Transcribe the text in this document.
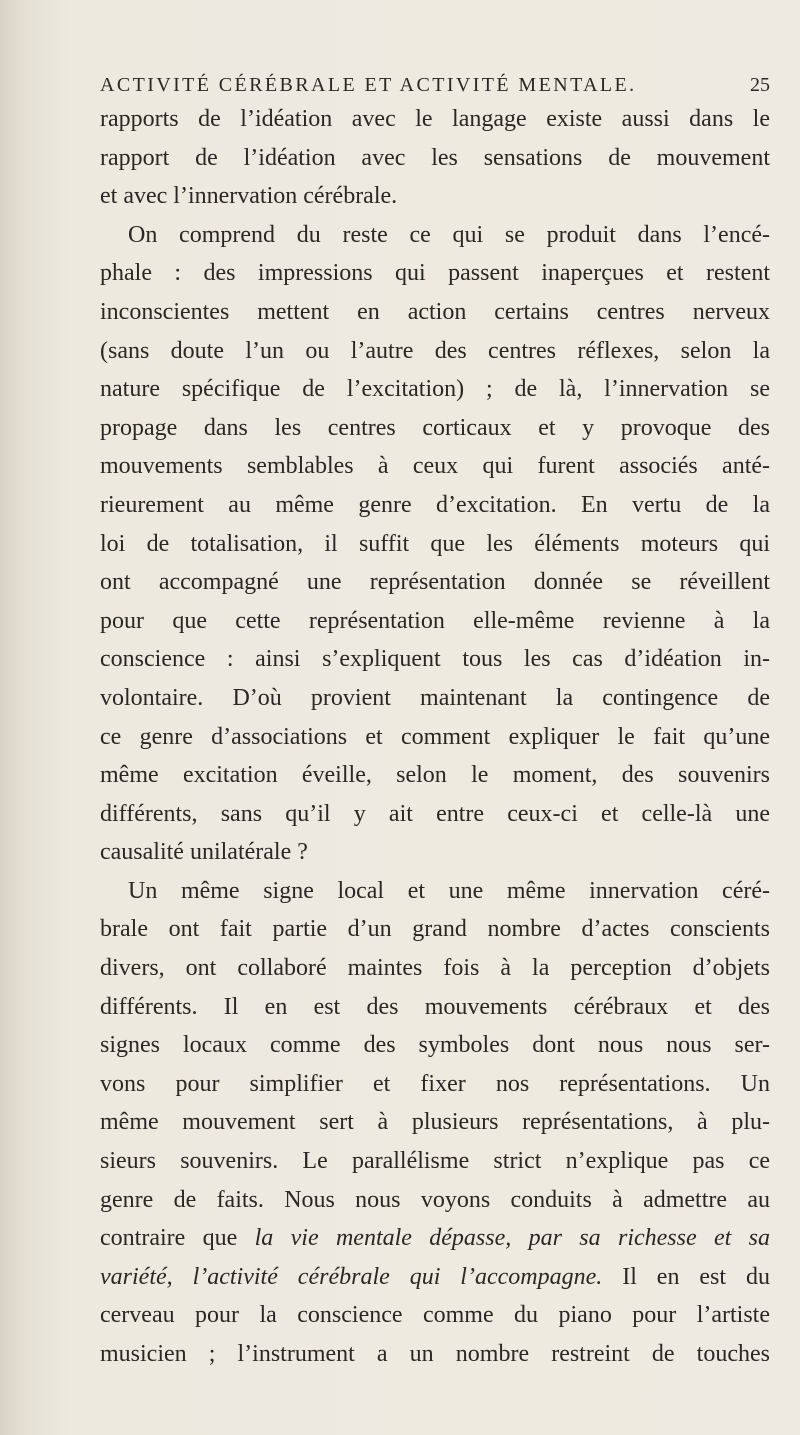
ACTIVITÉ CÉRÉBRALE ET ACTIVITÉ MENTALE.	25
rapports de l’idéation avec le langage existe aussi dans le
rapport de l’idéation avec les sensations de mouvement
et avec l’innervation cérébrale.
On comprend du reste ce qui se produit dans l’encé-
phale : des impressions qui passent inaperçues et restent
inconscientes mettent en action certains centres nerveux
(sans doute l’un ou l’autre des centres réflexes, selon la
nature spécifique de l’excitation) ; de là, l’innervation se
propage dans les centres corticaux et y provoque des
mouvements semblables à ceux qui furent associés anté-
rieurement au même genre d’excitation. En vertu de la
loi de totalisation, il suffit que les éléments moteurs qui
ont accompagné une représentation donnée se réveillent
pour que cette représentation elle-même revienne à la
conscience : ainsi s’expliquent tous les cas d’idéation in-
volontaire. D’où provient maintenant la contingence de
ce genre d’associations et comment expliquer le fait qu’une
même excitation éveille, selon le moment, des souvenirs
différents, sans qu’il y ait entre ceux-ci et celle-là une
causalité unilatérale ?
Un même signe local et une même innervation céré-
brale ont fait partie d’un grand nombre d’actes conscients
divers, ont collaboré maintes fois à la perception d’objets
différents. Il en est des mouvements cérébraux et des
signes locaux comme des symboles dont nous nous ser-
vons pour simplifier et fixer nos représentations. Un
même mouvement sert à plusieurs représentations, à plu-
sieurs souvenirs. Le parallélisme strict n’explique pas ce
genre de faits. Nous nous voyons conduits à admettre au
contraire que la vie mentale dépasse, par sa richesse et sa
variété, l’activité cérébrale qui l’accompagne. Il en est du
cerveau pour la conscience comme du piano pour l’artiste
musicien ; l’instrument a un nombre restreint de touches
